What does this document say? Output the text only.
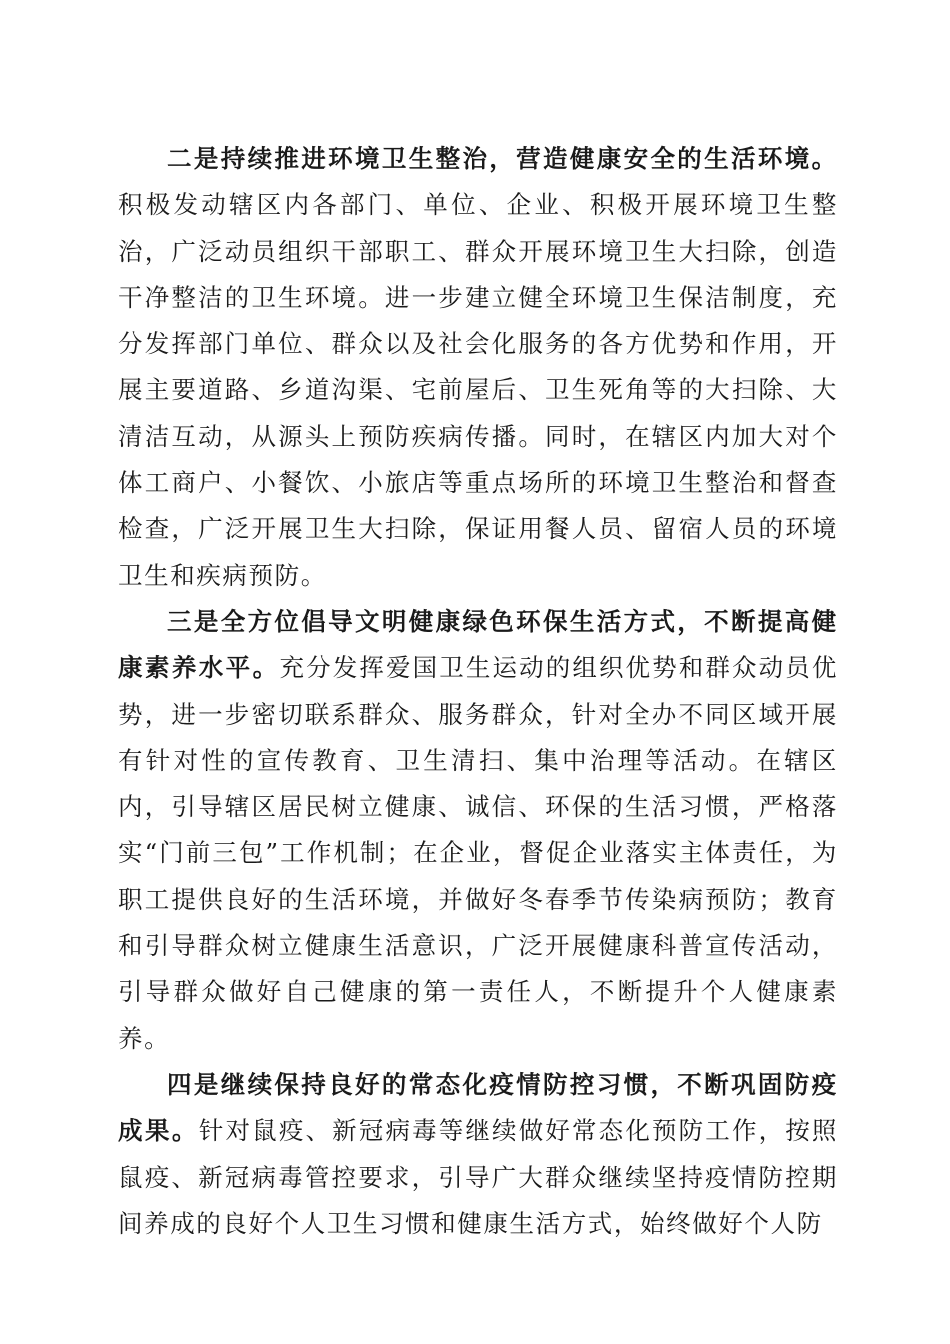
二是持续推进环境卫生整治，营造健康安全的生活环境。积极发动辖区内各部门、单位、企业、积极开展环境卫生整治，广泛动员组织干部职工、群众开展环境卫生大扫除，创造干净整洁的卫生环境。进一步建立健全环境卫生保洁制度，充分发挥部门单位、群众以及社会化服务的各方优势和作用，开展主要道路、乡道沟渠、宅前屋后、卫生死角等的大扫除、大清洁互动，从源头上预防疾病传播。同时，在辖区内加大对个体工商户、小餐饮、小旅店等重点场所的环境卫生整治和督查检查，广泛开展卫生大扫除，保证用餐人员、留宿人员的环境卫生和疾病预防。

三是全方位倡导文明健康绿色环保生活方式，不断提高健康素养水平。充分发挥爱国卫生运动的组织优势和群众动员优势，进一步密切联系群众、服务群众，针对全办不同区域开展有针对性的宣传教育、卫生清扫、集中治理等活动。在辖区内，引导辖区居民树立健康、诚信、环保的生活习惯，严格落实“门前三包”工作机制；在企业，督促企业落实主体责任，为职工提供良好的生活环境，并做好冬春季节传染病预防；教育和引导群众树立健康生活意识，广泛开展健康科普宣传活动，引导群众做好自己健康的第一责任人，不断提升个人健康素养。

四是继续保持良好的常态化疫情防控习惯，不断巩固防疫成果。针对鼠疫、新冠病毒等继续做好常态化预防工作，按照鼠疫、新冠病毒管控要求，引导广大群众继续坚持疫情防控期间养成的良好个人卫生习惯和健康生活方式，始终做好个人防
